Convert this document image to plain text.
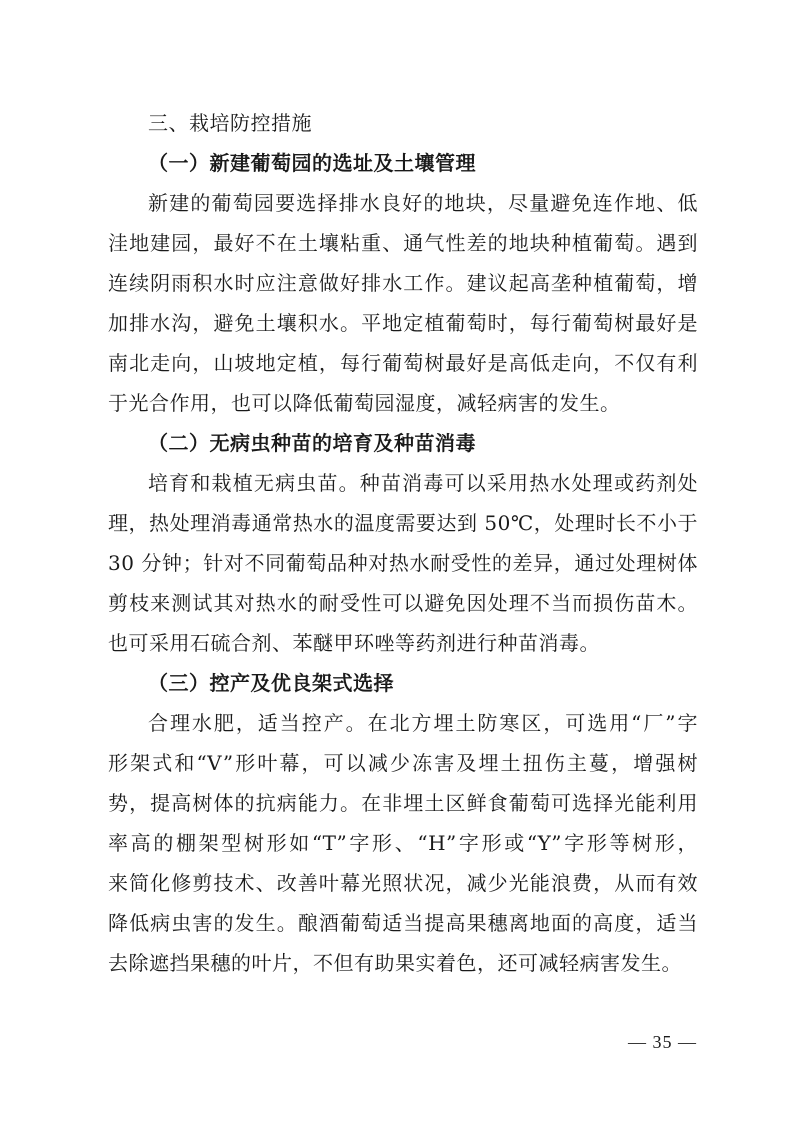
三、栽培防控措施
（一）新建葡萄园的选址及土壤管理
新建的葡萄园要选择排水良好的地块，尽量避免连作地、低
洼地建园，最好不在土壤粘重、通气性差的地块种植葡萄。遇到
连续阴雨积水时应注意做好排水工作。建议起高垄种植葡萄，增
加排水沟，避免土壤积水。平地定植葡萄时，每行葡萄树最好是
南北走向，山坡地定植，每行葡萄树最好是高低走向，不仅有利
于光合作用，也可以降低葡萄园湿度，减轻病害的发生。
（二）无病虫种苗的培育及种苗消毒
培育和栽植无病虫苗。种苗消毒可以采用热水处理或药剂处
理，热处理消毒通常热水的温度需要达到 50℃，处理时长不小于
30 分钟；针对不同葡萄品种对热水耐受性的差异，通过处理树体
剪枝来测试其对热水的耐受性可以避免因处理不当而损伤苗木。
也可采用石硫合剂、苯醚甲环唑等药剂进行种苗消毒。
（三）控产及优良架式选择
合理水肥，适当控产。在北方埋土防寒区，可选用“厂”字
形架式和“V”形叶幕，可以减少冻害及埋土扭伤主蔓，增强树
势，提高树体的抗病能力。在非埋土区鲜食葡萄可选择光能利用
率高的棚架型树形如“T”字形、“H”字形或“Y”字形等树形，
来简化修剪技术、改善叶幕光照状况，减少光能浪费，从而有效
降低病虫害的发生。酿酒葡萄适当提高果穗离地面的高度，适当
去除遮挡果穗的叶片，不但有助果实着色，还可减轻病害发生。
— 35 —
